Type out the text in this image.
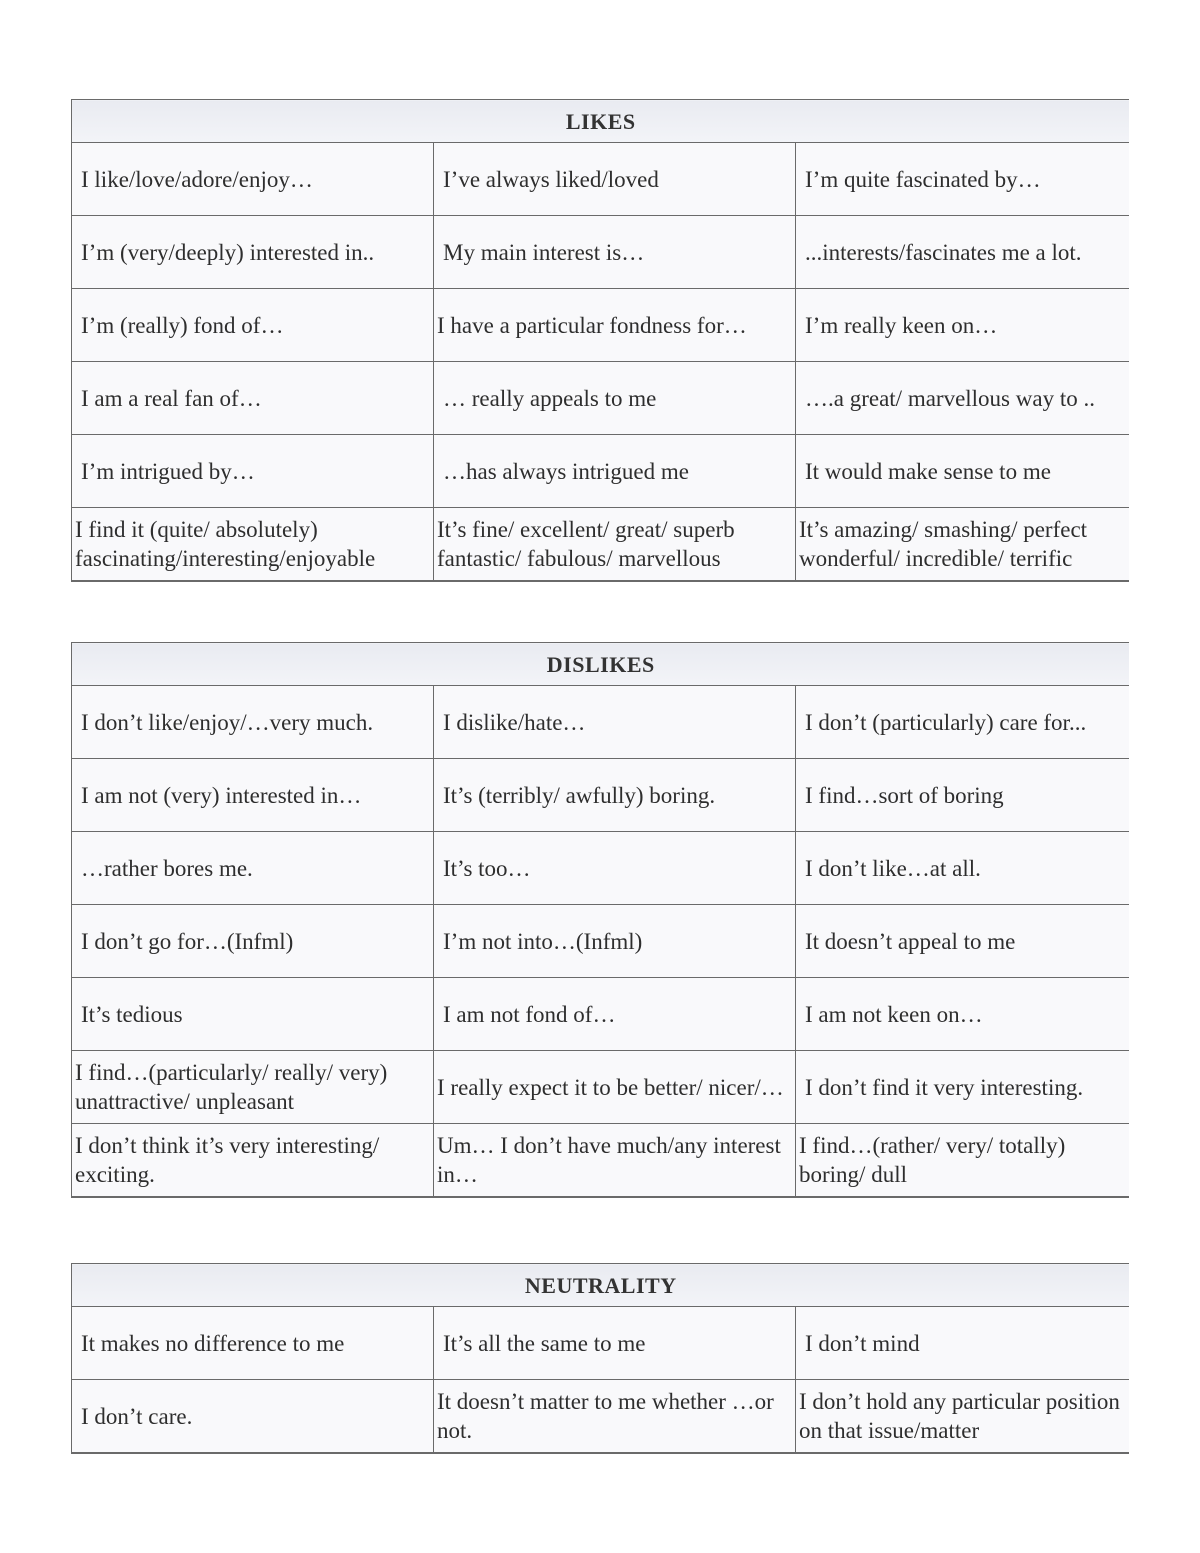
LIKES		
I like/love/adore/enjoy…	I’ve always liked/loved	I’m quite fascinated by…
I’m (very/deeply) interested in..	My main interest is…	...interests/fascinates me a lot.
I’m (really) fond of…	I have a particular fondness for…	I’m really keen on…
I am a real fan of…	… really appeals to me	….a great/ marvellous way to ..
I’m intrigued by…	…has always intrigued me	It would make sense to me
I find it (quite/ absolutely) fascinating/interesting/enjoyable	It’s fine/ excellent/ great/ superb fantastic/ fabulous/ marvellous	It’s amazing/ smashing/ perfect wonderful/ incredible/ terrific
DISLIKES		
I don’t like/enjoy/…very much.	I dislike/hate…	I don’t (particularly) care for...
I am not (very) interested in…	It’s (terribly/ awfully) boring.	I find…sort of boring
…rather bores me.	It’s too…	I don’t like…at all.
I don’t go for…(Infml)	I’m not into…(Infml)	It doesn’t appeal to me
It’s tedious	I am not fond of…	I am not keen on…
I find…(particularly/ really/ very) unattractive/ unpleasant	I really expect it to be better/ nicer/…	I don’t find it very interesting.
I don’t think it’s very interesting/ exciting.	Um… I don’t have much/any interest in…	I find…(rather/ very/ totally) boring/ dull
NEUTRALITY		
It makes no difference to me	It’s all the same to me	I don’t mind
I don’t care.	It doesn’t matter to me whether …or not.	I don’t hold any particular position on that issue/matter
